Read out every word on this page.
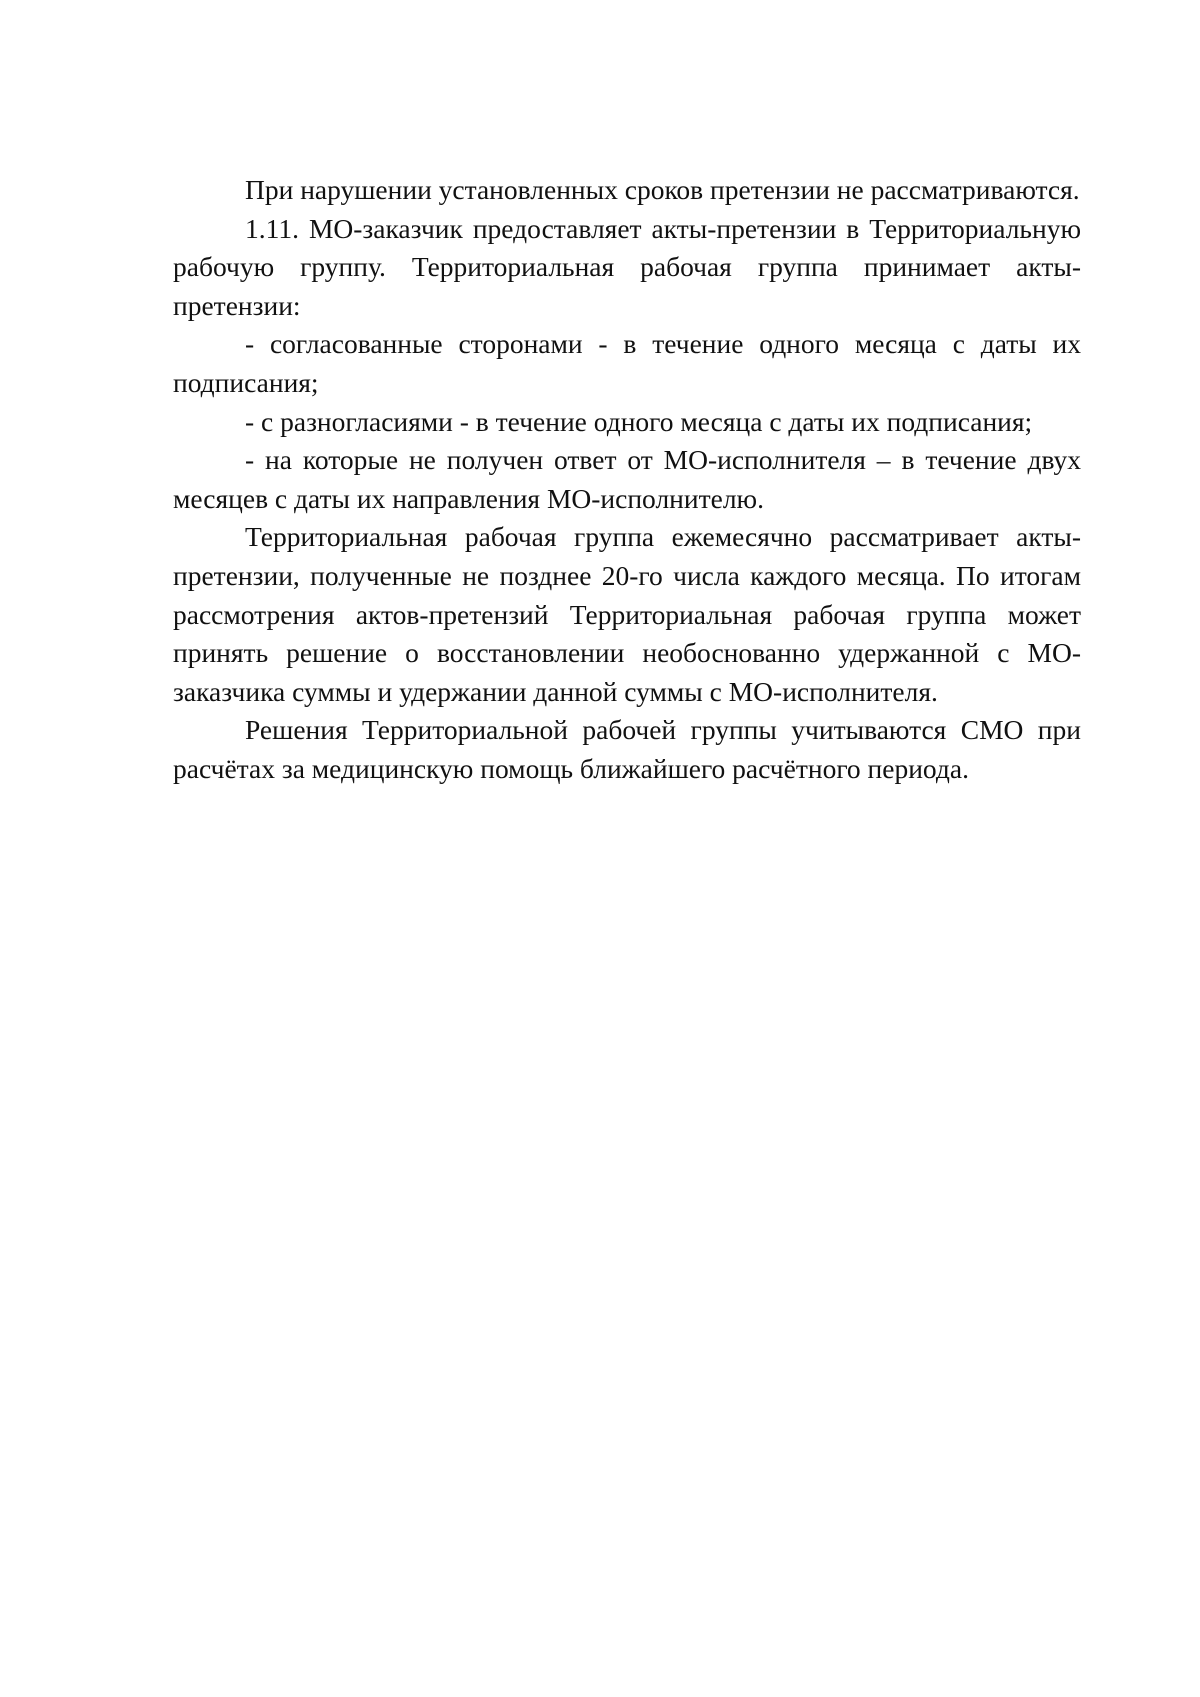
При нарушении установленных сроков претензии не рассматриваются.

1.11. МО-заказчик предоставляет акты-претензии в Территориальную рабочую группу. Территориальная рабочая группа принимает акты-претензии:

- согласованные сторонами - в течение одного месяца с даты их подписания;

- с разногласиями - в течение одного месяца с даты их подписания;

- на которые не получен ответ от МО-исполнителя – в течение двух месяцев с даты их направления МО-исполнителю.

Территориальная рабочая группа ежемесячно рассматривает акты-претензии, полученные не позднее 20-го числа каждого месяца. По итогам рассмотрения актов-претензий Территориальная рабочая группа может принять решение о восстановлении необоснованно удержанной с МО-заказчика суммы и удержании данной суммы с МО-исполнителя.

Решения Территориальной рабочей группы учитываются СМО при расчётах за медицинскую помощь ближайшего расчётного периода.
